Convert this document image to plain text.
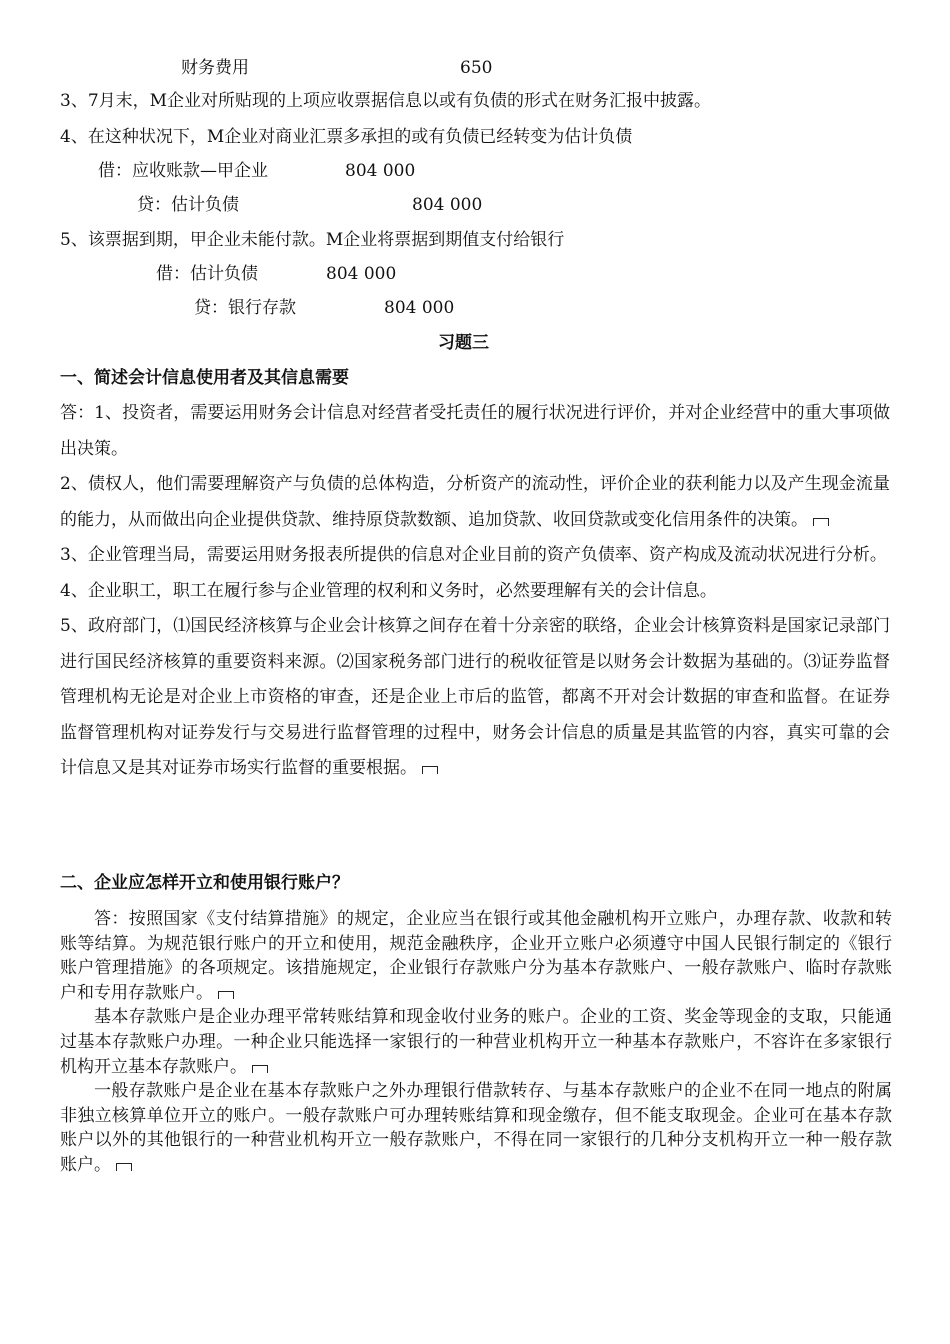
财务费用	650
3、7月末，M企业对所贴现的上项应收票据信息以或有负债的形式在财务汇报中披露。
4、在这种状况下，M企业对商业汇票多承担的或有负债已经转变为估计负债
借：应收账款—甲企业	804 000
贷：估计负债	804 000
5、该票据到期，甲企业未能付款。M企业将票据到期值支付给银行
借：估计负债	804 000
贷：银行存款	804 000
习题三
一、简述会计信息使用者及其信息需要

答：1、投资者，需要运用财务会计信息对经营者受托责任的履行状况进行评价，并对企业经营中的重大事项做出决策。

2、债权人，他们需要理解资产与负债的总体构造，分析资产的流动性，评价企业的获利能力以及产生现金流量的能力，从而做出向企业提供贷款、维持原贷款数额、追加贷款、收回贷款或变化信用条件的决策。

3、企业管理当局，需要运用财务报表所提供的信息对企业目前的资产负债率、资产构成及流动状况进行分析。

4、企业职工，职工在履行参与企业管理的权利和义务时，必然要理解有关的会计信息。

5、政府部门，⑴国民经济核算与企业会计核算之间存在着十分亲密的联络，企业会计核算资料是国家记录部门进行国民经济核算的重要资料来源。⑵国家税务部门进行的税收征管是以财务会计数据为基础的。⑶证券监督管理机构无论是对企业上市资格的审查，还是企业上市后的监管，都离不开对会计数据的审查和监督。在证券监督管理机构对证券发行与交易进行监督管理的过程中，财务会计信息的质量是其监管的内容，真实可靠的会计信息又是其对证券市场实行监督的重要根据。

二、企业应怎样开立和使用银行账户？

答：按照国家《支付结算措施》的规定，企业应当在银行或其他金融机构开立账户，办理存款、收款和转账等结算。为规范银行账户的开立和使用，规范金融秩序，企业开立账户必须遵守中国人民银行制定的《银行账户管理措施》的各项规定。该措施规定，企业银行存款账户分为基本存款账户、一般存款账户、临时存款账户和专用存款账户。

基本存款账户是企业办理平常转账结算和现金收付业务的账户。企业的工资、奖金等现金的支取，只能通过基本存款账户办理。一种企业只能选择一家银行的一种营业机构开立一种基本存款账户，不容许在多家银行机构开立基本存款账户。

一般存款账户是企业在基本存款账户之外办理银行借款转存、与基本存款账户的企业不在同一地点的附属非独立核算单位开立的账户。一般存款账户可办理转账结算和现金缴存，但不能支取现金。企业可在基本存款账户以外的其他银行的一种营业机构开立一般存款账户，不得在同一家银行的几种分支机构开立一种一般存款账户。
